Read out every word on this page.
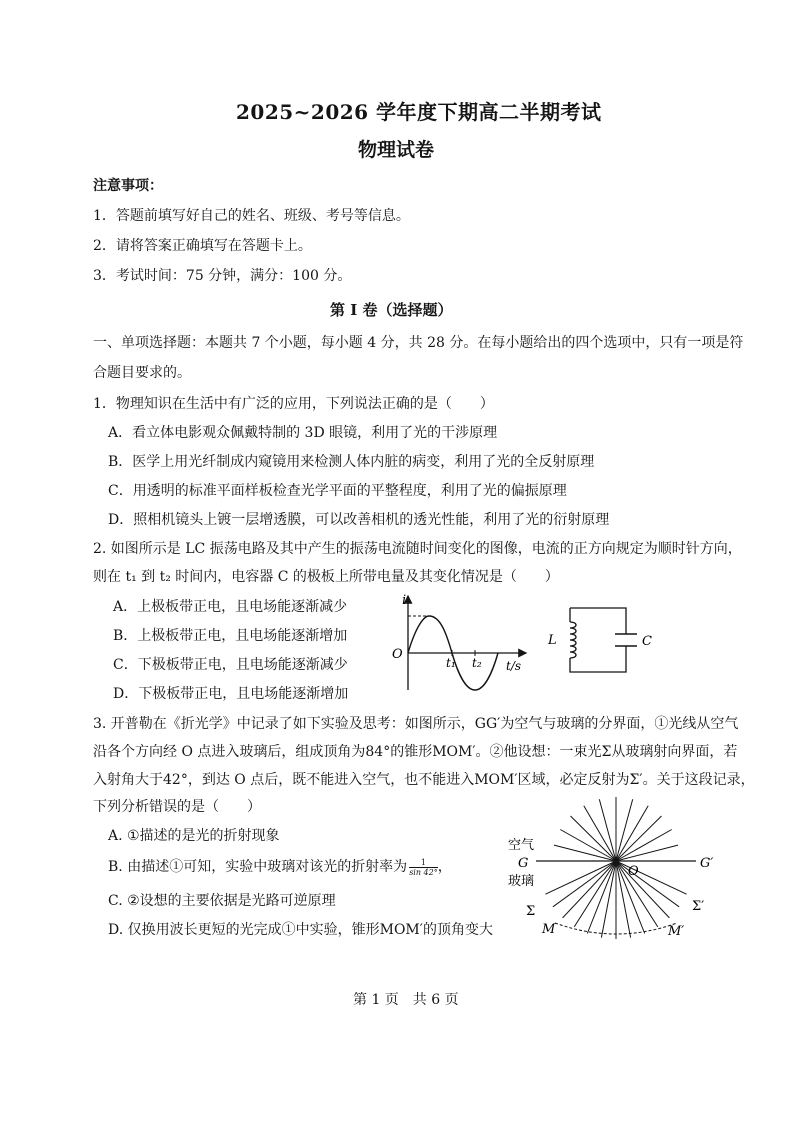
2025~2026 学年度下期高二半期考试
物理试卷
注意事项：
1．答题前填写好自己的姓名、班级、考号等信息。
2．请将答案正确填写在答题卡上。
3．考试时间：75 分钟，满分：100 分。
第 I 卷（选择题）
一、单项选择题：本题共 7 个小题，每小题 4 分，共 28 分。在每小题给出的四个选项中，只有一项是符
合题目要求的。
1．物理知识在生活中有广泛的应用，下列说法正确的是（　　）
A．看立体电影观众佩戴特制的 3D 眼镜，利用了光的干涉原理
B．医学上用光纤制成内窥镜用来检测人体内脏的病变，利用了光的全反射原理
C．用透明的标准平面样板检查光学平面的平整程度，利用了光的偏振原理
D．照相机镜头上镀一层增透膜，可以改善相机的透光性能，利用了光的衍射原理
2. 如图所示是 LC 振荡电路及其中产生的振荡电流随时间变化的图像，电流的正方向规定为顺时针方向，
则在 t₁ 到 t₂ 时间内，电容器 C 的极板上所带电量及其变化情况是（　　）
A．上极板带正电，且电场能逐渐减少
B．上极板带正电，且电场能逐渐增加
C．下极板带正电，且电场能逐渐减少
D．下极板带正电，且电场能逐渐增加
i
O
t₁ t₂ t/s
L	C
3. 开普勒在《折光学》中记录了如下实验及思考：如图所示，GG′为空气与玻璃的分界面，①光线从空气
沿各个方向经 O 点进入玻璃后，组成顶角为84°的锥形MOM′。②他设想：一束光Σ从玻璃射向界面，若
入射角大于42°，到达 O 点后，既不能进入空气，也不能进入MOM′区域，必定反射为Σ′。关于这段记录，
下列分析错误的是（　　）
A. ①描述的是光的折射现象
B. 由描述①可知，实验中玻璃对该光的折射率为 $\frac{1}{\sin 42^\circ}$ ，
C. ②设想的主要依据是光路可逆原理
D. 仅换用波长更短的光完成①中实验，锥形MOM′的顶角变大
空气
G
玻璃
G′
O
Σ	Σ′
M	M′
第 1 页　共 6 页
